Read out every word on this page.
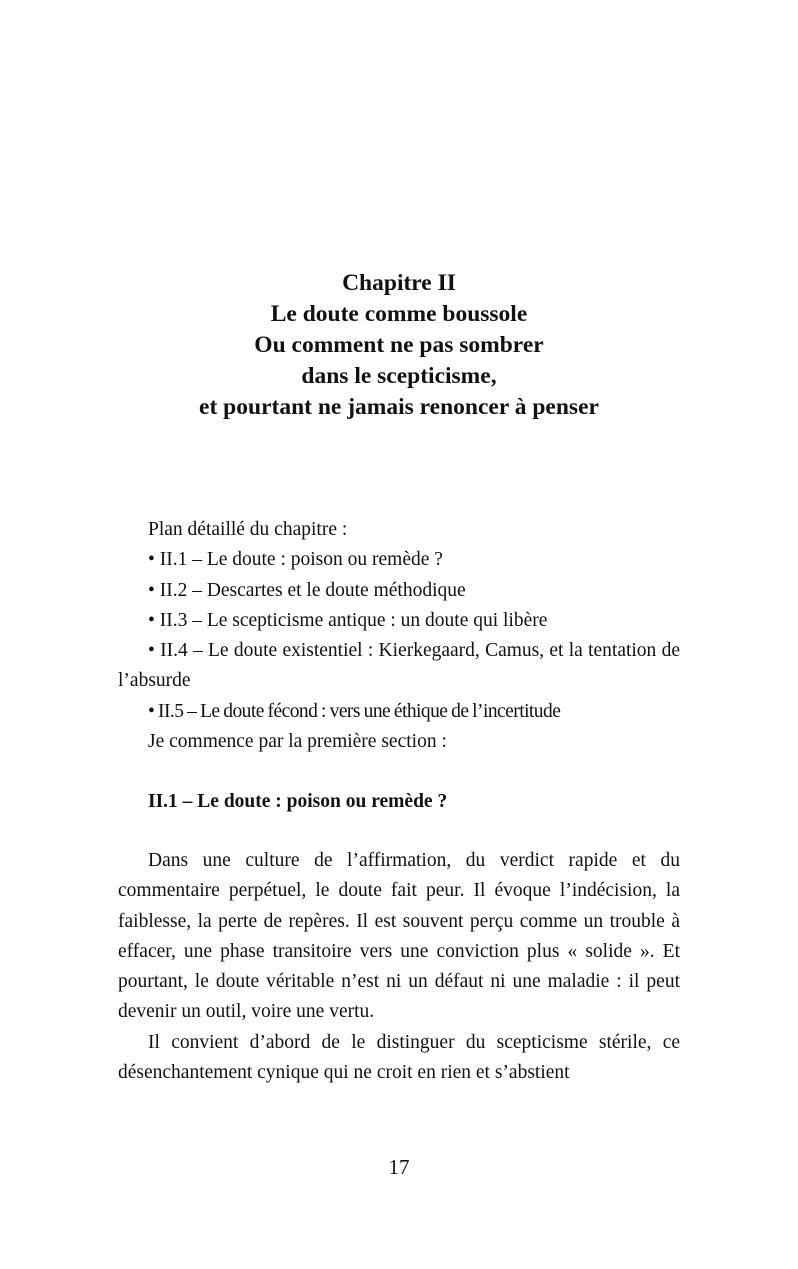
Chapitre II
Le doute comme boussole
Ou comment ne pas sombrer
dans le scepticisme,
et pourtant ne jamais renoncer à penser

Plan détaillé du chapitre :

• II.1 – Le doute : poison ou remède ?

• II.2 – Descartes et le doute méthodique

• II.3 – Le scepticisme antique : un doute qui libère

• II.4 – Le doute existentiel : Kierkegaard, Camus, et la tentation de l’absurde

• II.5 – Le doute fécond : vers une éthique de l’incertitude

Je commence par la première section :

II.1 – Le doute : poison ou remède ?

Dans une culture de l’affirmation, du verdict rapide et du commentaire perpétuel, le doute fait peur. Il évoque l’indécision, la faiblesse, la perte de repères. Il est souvent perçu comme un trouble à effacer, une phase transitoire vers une conviction plus « solide ». Et pourtant, le doute véritable n’est ni un défaut ni une maladie : il peut devenir un outil, voire une vertu.

Il convient d’abord de le distinguer du scepticisme stérile, ce désenchantement cynique qui ne croit en rien et s’abstient

17
